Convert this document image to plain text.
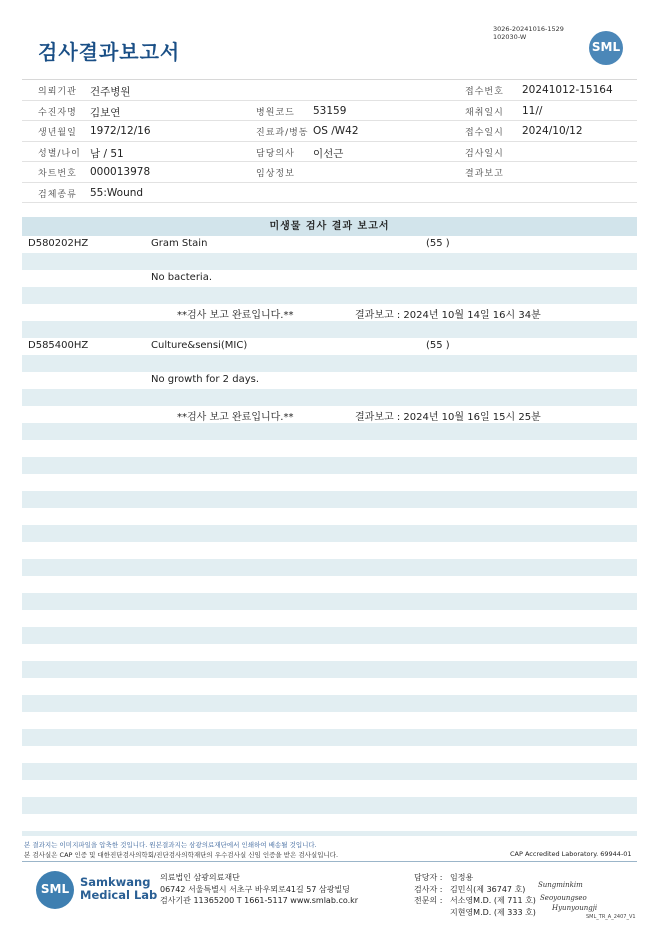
3026-20241016-1529
102030-W
검사결과보고서	SML
의뢰기관 건주병원	접수번호 20241012-15164
수진자명 김보연	병원코드 53159	채취일시 11//
생년월일 1972/12/16	진료과/병동 OS /W42	접수일시 2024/10/12
성별/나이 남 / 51	담당의사 이선근	검사일시
차트번호 000013978	임상정보	결과보고
검체종류 55:Wound
미생물 검사 결과 보고서
D580202HZ	Gram Stain	(55 )
No bacteria.
**검사 보고 완료입니다.**	결과보고 : 2024년 10월 14일 16시 34분
D585400HZ	Culture&sensi(MIC)	(55 )
No growth for 2 days.
**검사 보고 완료입니다.**	결과보고 : 2024년 10월 16일 15시 25분
본 결과지는 이미지파일을 압축한 것입니다. 원본결과지는 삼광의료재단에서 인쇄하여 배송될 것입니다.
본 검사실은 CAP 인증 및 대한진단검사의학회/진단검사의학재단의 우수검사실 신임 인증을 받은 검사실입니다.	CAP Accredited Laboratory. 69944-01
SML Samkwang
Medical Lab
의료법인 삼광의료재단
06742 서울특별시 서초구 바우뫼로41길 57 삼광빌딩
검사기관 11365200 T 1661-5117 www.smlab.co.kr
담당자 : 임정용
검사자 : 김민식(제 36747 호)
전문의 : 서소영M.D. (제 711 호)
지현영M.D. (제 333 호)
Sungminkim
Seoyoungseo
Hyunyoungji
SML_TR_A_2407_V1
